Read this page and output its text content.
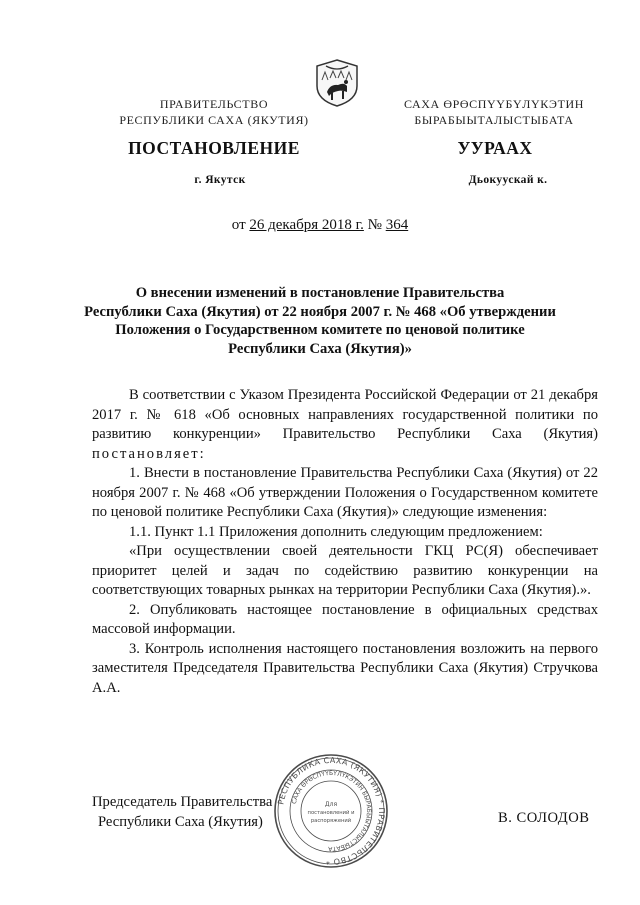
ПРАВИТЕЛЬСТВО
РЕСПУБЛИКИ САХА (ЯКУТИЯ)
САХА ӨРӨСПҮҮБҮЛҮКЭТИН
БЫРАБЫЫТАЛЫСТЫБАТА
ПОСТАНОВЛЕНИЕ	УУРААХ
г. Якутск	Дьокуускай к.
от 26 декабря 2018 г. № 364
О внесении изменений в постановление Правительства
Республики Саха (Якутия) от 22 ноября 2007 г. № 468 «Об утверждении
Положения о Государственном комитете по ценовой политике
Республики Саха (Якутия)»

В соответствии с Указом Президента Российской Федерации от 21 декабря 2017 г. № 618 «Об основных направлениях государственной политики по развитию конкуренции» Правительство Республики Саха (Якутия) постановляет:

1. Внести в постановление Правительства Республики Саха (Якутия) от 22 ноября 2007 г. № 468 «Об утверждении Положения о Государственном комитете по ценовой политике Республики Саха (Якутия)» следующие изменения:

1.1. Пункт 1.1 Приложения дополнить следующим предложением:

«При осуществлении своей деятельности ГКЦ РС(Я) обеспечивает приоритет целей и задач по содействию развитию конкуренции на соответствующих товарных рынках на территории Республики Саха (Якутия).».

2. Опубликовать настоящее постановление в официальных средствах массовой информации.

3. Контроль исполнения настоящего постановления возложить на первого заместителя Председателя Правительства Республики Саха (Якутия) Стручкова А.А.

Председатель Правительства
Республики Саха (Якутия)	В. СОЛОДОВ
РЕСПУБЛИКА САХА (ЯКУТИЯ) * ПРАВИТЕЛЬСТВО *
САХА ӨРӨСПҮҮБҮЛҮКЭТИН БЫРАБЫЫТАЛЫСТЫБАТА
Для
постановлений и
распоряжений
